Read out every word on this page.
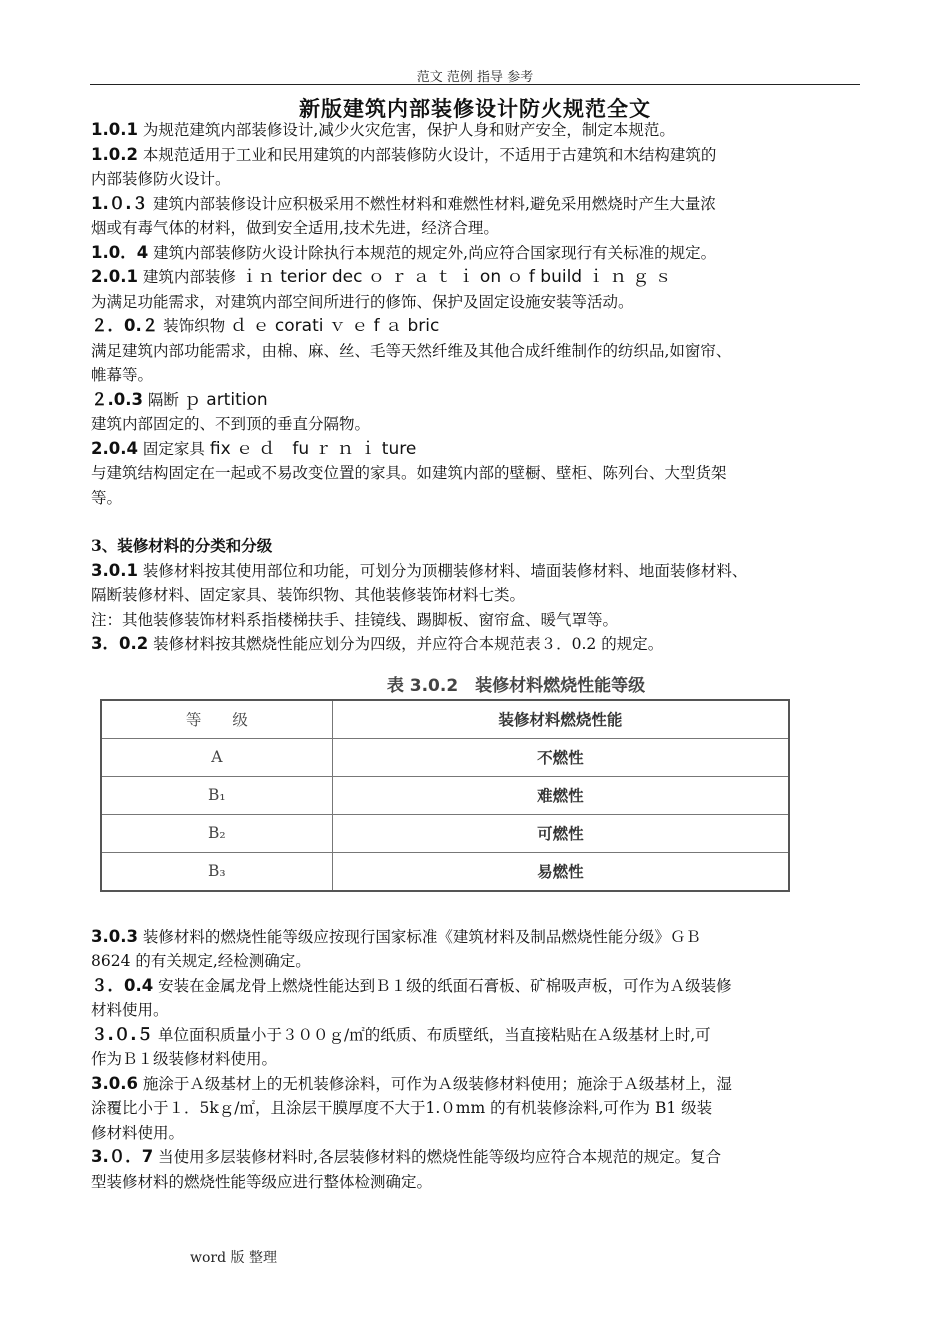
范文 范例 指导 参考
新版建筑内部装修设计防火规范全文
1.0.1 为规范建筑内部装修设计,减少火灾危害，保护人身和财产安全，制定本规范。
1.0.2 本规范适用于工业和民用建筑的内部装修防火设计，不适用于古建筑和木结构建筑的
内部装修防火设计。
1.０.３ 建筑内部装修设计应积极采用不燃性材料和难燃性材料,避免采用燃烧时产生大量浓
烟或有毒气体的材料，做到安全适用,技术先进，经济合理。
1.0．4 建筑内部装修防火设计除执行本规范的规定外,尚应符合国家现行有关标准的规定。
2.0.1 建筑内部装修 ｉｎ terior dec ｏ ｒ ａ ｔ ｉ on ｏ f build ｉ ｎ ｇ ｓ
为满足功能需求，对建筑内部空间所进行的修饰、保护及固定设施安装等活动。
２．0.２ 装饰织物 ｄ ｅ corati ｖ ｅ f ａ bric
满足建筑内部功能需求，由棉、麻、丝、毛等天然纤维及其他合成纤维制作的纺织品,如窗帘、
帷幕等。
２.0.3 隔断 ｐ artition
建筑内部固定的、不到顶的垂直分隔物。
2.0.4 固定家具 fix ｅ ｄ　fu ｒ ｎ ｉ ture
与建筑结构固定在一起或不易改变位置的家具。如建筑内部的壁橱、壁柜、陈列台、大型货架
等。
3、装修材料的分类和分级
3.0.1 装修材料按其使用部位和功能，可划分为顶棚装修材料、墙面装修材料、地面装修材料、
隔断装修材料、固定家具、装饰织物、其他装修装饰材料七类。
注：其他装修装饰材料系指楼梯扶手、挂镜线、踢脚板、窗帘盒、暖气罩等。
3．0.2 装修材料按其燃烧性能应划分为四级，并应符合本规范表３．0.2 的规定。
表 3.0.2　装修材料燃烧性能等级
等　　级	装修材料燃烧性能
A	不燃性
B₁	难燃性
B₂	可燃性
B₃	易燃性
3.0.3 装修材料的燃烧性能等级应按现行国家标准《建筑材料及制品燃烧性能分级》ＧＢ
8624 的有关规定,经检测确定。
３．0.4 安装在金属龙骨上燃烧性能达到Ｂ１级的纸面石膏板、矿棉吸声板，可作为Ａ级装修
材料使用。
３.０.５ 单位面积质量小于３００ｇ/㎡的纸质、布质壁纸，当直接粘贴在Ａ级基材上时,可
作为Ｂ１级装修材料使用。
3.0.6 施涂于Ａ级基材上的无机装修涂料，可作为Ａ级装修材料使用；施涂于Ａ级基材上，湿
涂覆比小于１．5kｇ/㎡，且涂层干膜厚度不大于1.０mm 的有机装修涂料,可作为 B1 级装
修材料使用。
3.０．7 当使用多层装修材料时,各层装修材料的燃烧性能等级均应符合本规范的规定。复合
型装修材料的燃烧性能等级应进行整体检测确定。
word 版 整理
